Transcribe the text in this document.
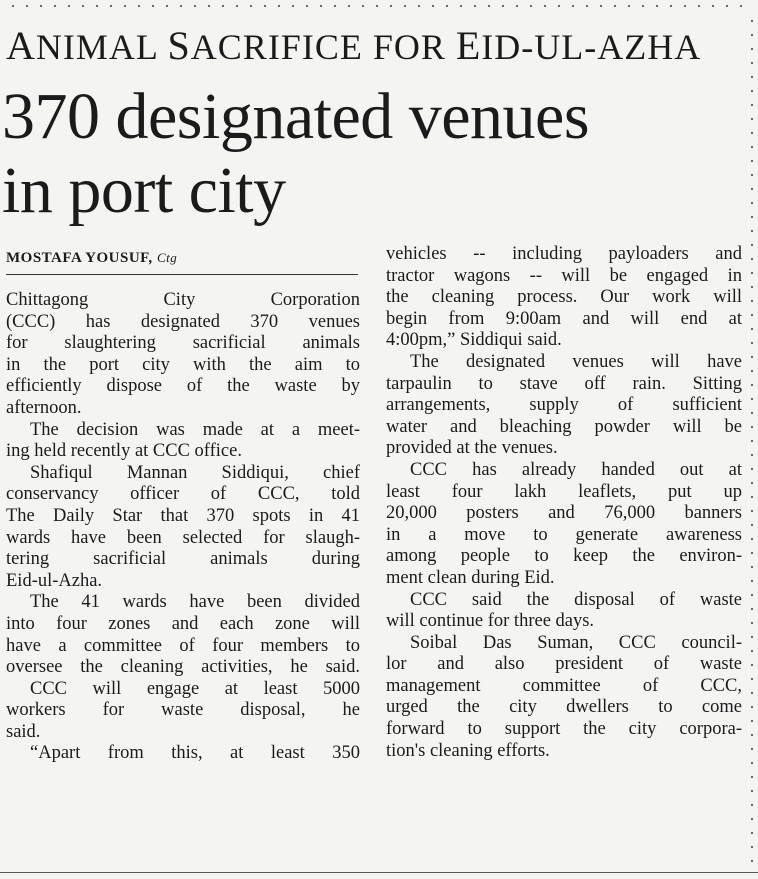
ANIMAL SACRIFICE FOR EID-UL-AZHA
370 designated venues
in port city
MOSTAFA YOUSUF, Ctg
Chittagong City Corporation
(CCC) has designated 370 venues
for slaughtering sacrificial animals
in the port city with the aim to
efficiently dispose of the waste by
afternoon.
The decision was made at a meet-
ing held recently at CCC office.
Shafiqul Mannan Siddiqui, chief
conservancy officer of CCC, told
The Daily Star that 370 spots in 41
wards have been selected for slaugh-
tering sacrificial animals during
Eid-ul-Azha.
The 41 wards have been divided
into four zones and each zone will
have a committee of four members to
oversee the cleaning activities, he said.
CCC will engage at least 5000
workers for waste disposal, he
said.
“Apart from this, at least 350
vehicles -- including payloaders and
tractor wagons -- will be engaged in
the cleaning process. Our work will
begin from 9:00am and will end at
4:00pm,” Siddiqui said.
The designated venues will have
tarpaulin to stave off rain. Sitting
arrangements, supply of sufficient
water and bleaching powder will be
provided at the venues.
CCC has already handed out at
least four lakh leaflets, put up
20,000 posters and 76,000 banners
in a move to generate awareness
among people to keep the environ-
ment clean during Eid.
CCC said the disposal of waste
will continue for three days.
Soibal Das Suman, CCC council-
lor and also president of waste
management committee of CCC,
urged the city dwellers to come
forward to support the city corpora-
tion's cleaning efforts.
